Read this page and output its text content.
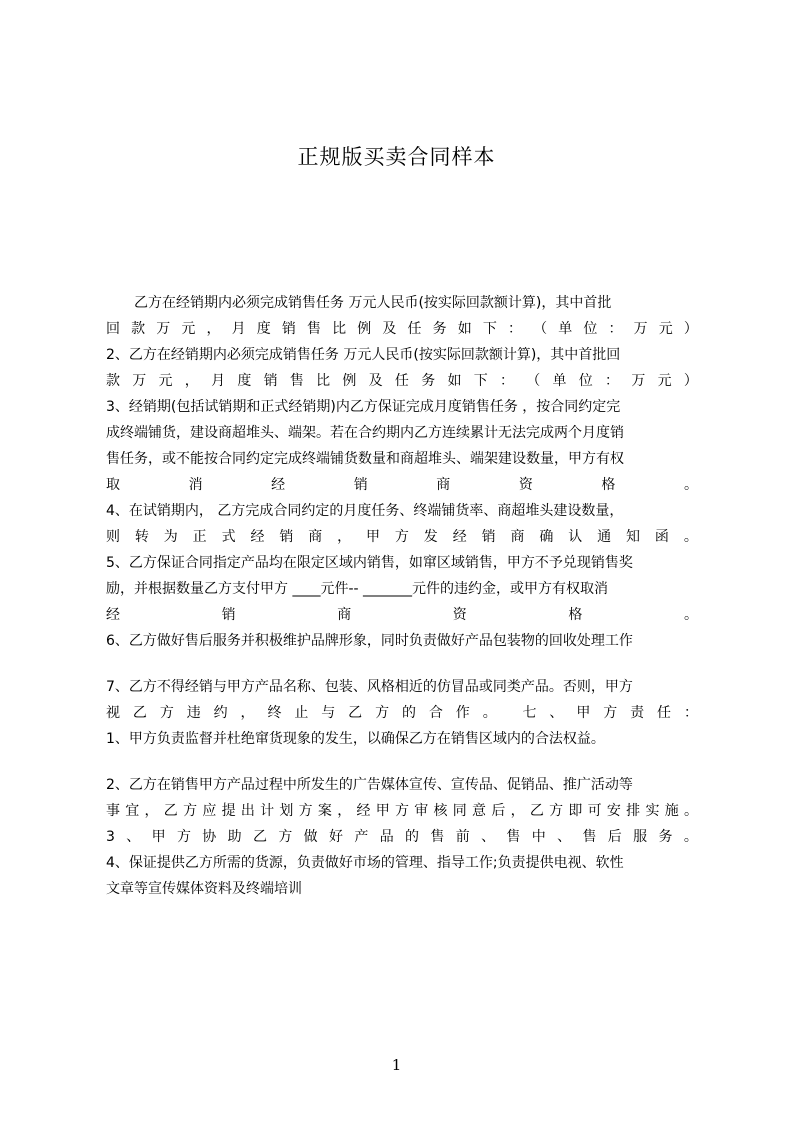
正规版买卖合同样本
乙方在经销期内必须完成销售任务 万元人民币(按实际回款额计算)，其中首批
回 款 万 元 ， 月 度 销 售 比 例 及 任 务 如 下 ： （ 单 位 ： 万 元 ）
2、乙方在经销期内必须完成销售任务 万元人民币(按实际回款额计算)，其中首批回
款 万 元 ， 月 度 销 售 比 例 及 任 务 如 下 ： （ 单 位 ： 万 元 ）
3、经销期(包括试销期和正式经销期)内乙方保证完成月度销售任务 ，按合同约定完
成终端铺货，建设商超堆头、端架。若在合约期内乙方连续累计无法完成两个月度销
售任务，或不能按合同约定完成终端铺货数量和商超堆头、端架建设数量，甲方有权
取	消	经	销	商	资	格	。
4、在试销期内， 乙方完成合同约定的月度任务、终端铺货率、商超堆头建设数量，
则 转 为 正 式 经 销 商 ， 甲 方 发 经 销 商 确 认 通 知 函 。
5、乙方保证合同指定产品均在限定区域内销售，如窜区域销售，甲方不予兑现销售奖
励，并根据数量乙方支付甲方 ____元件-- _______元件的违约金，或甲方有权取消
经	销	商	资	格	。
6、乙方做好售后服务并积极维护品牌形象，同时负责做好产品包装物的回收处理工作
7、乙方不得经销与甲方产品名称、包装、风格相近的仿冒品或同类产品。否则，甲方
视 乙 方 违 约 ， 终 止 与 乙 方 的 合 作 。 七 、 甲 方 责 任 ：
1、甲方负责监督并杜绝窜货现象的发生，以确保乙方在销售区域内的合法权益。
2、乙方在销售甲方产品过程中所发生的广告媒体宣传、宣传品、促销品、推广活动等
事 宜 ， 乙 方 应 提 出 计 划 方 案 ， 经 甲 方 审 核 同 意 后 ， 乙 方 即 可 安 排 实 施 。
3 、 甲 方 协 助 乙 方 做 好 产 品 的 售 前 、 售 中 、 售 后 服 务 。
4、保证提供乙方所需的货源，负责做好市场的管理、指导工作;负责提供电视、软性
文章等宣传媒体资料及终端培训
1
